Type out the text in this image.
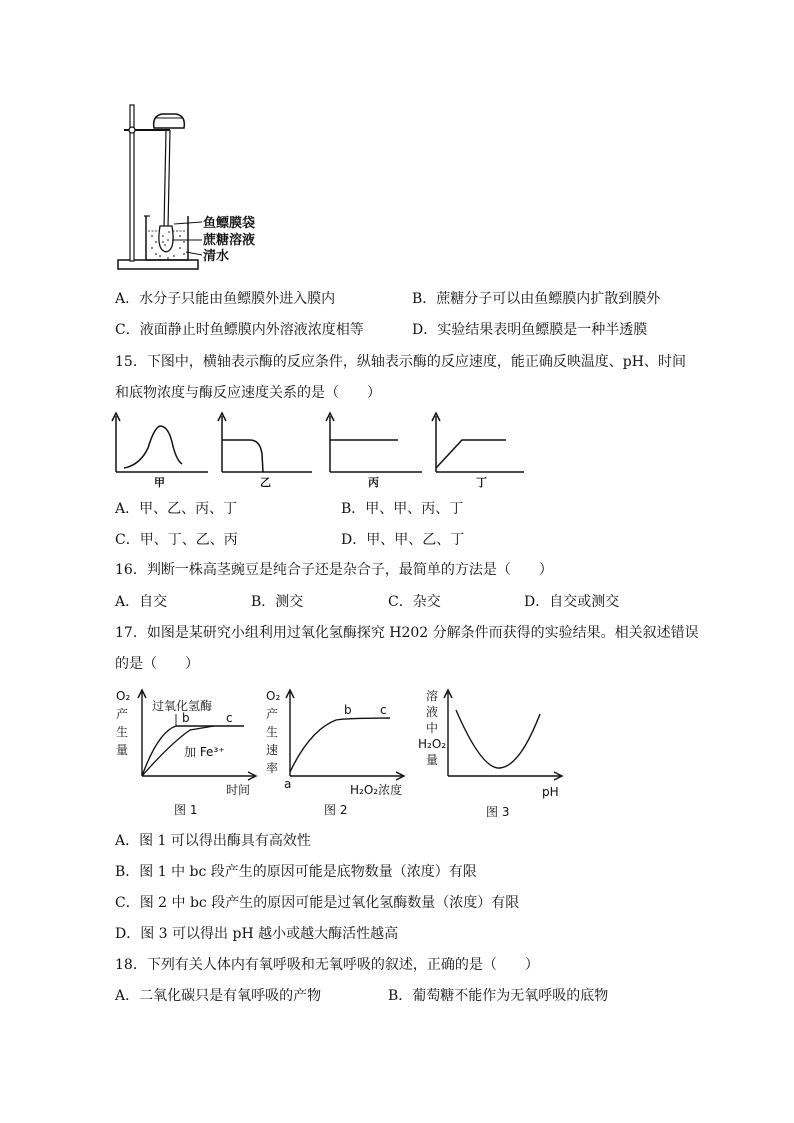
鱼鳔膜袋
蔗糖溶液
清水
A．水分子只能由鱼鳔膜外进入膜内	B．蔗糖分子可以由鱼鳔膜内扩散到膜外
C．液面静止时鱼鳔膜内外溶液浓度相等	D．实验结果表明鱼鳔膜是一种半透膜
15．下图中，横轴表示酶的反应条件，纵轴表示酶的反应速度，能正确反映温度、pH、时间
和底物浓度与酶反应速度关系的是（　　）
甲	乙	丙	丁
A．甲、乙、丙、丁	B．甲、甲、丙、丁
C．甲、丁、乙、丙	D．甲、甲、乙、丁
16．判断一株高茎豌豆是纯合子还是杂合子，最简单的方法是（　　）
A．自交	B．测交	C．杂交	D．自交或测交
17．如图是某研究小组利用过氧化氢酶探究 H202 分解条件而获得的实验结果。相关叙述错误
的是（　　）
O₂
产
生
量
过氧化氢酶
b	c
加 Fe³⁺
时间
图 1
O₂
产
生
速
率
a
b c
H₂O₂浓度
图 2
溶
液
中
H₂O₂
量
pH
图 3
A．图 1 可以得出酶具有高效性
B．图 1 中 bc 段产生的原因可能是底物数量（浓度）有限
C．图 2 中 bc 段产生的原因可能是过氧化氢酶数量（浓度）有限
D．图 3 可以得出 pH 越小或越大酶活性越高
18．下列有关人体内有氧呼吸和无氧呼吸的叙述，正确的是（　　）
A．二氧化碳只是有氧呼吸的产物	B．葡萄糖不能作为无氧呼吸的底物
